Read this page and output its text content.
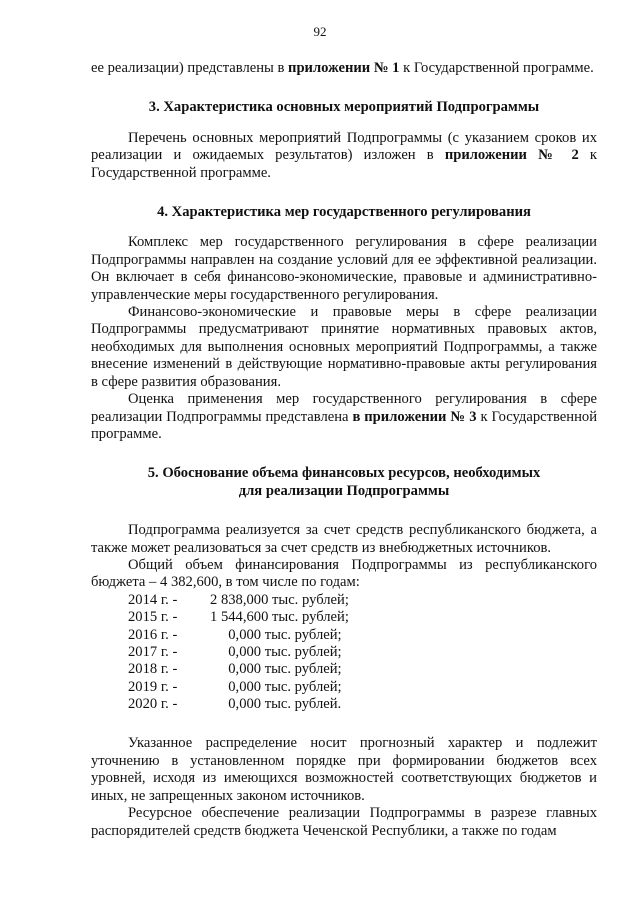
92

ее реализации) представлены в приложении № 1 к Государственной программе.

3. Характеристика основных мероприятий Подпрограммы

Перечень основных мероприятий Подпрограммы (с указанием сроков их реализации и ожидаемых результатов) изложен в приложении № 2 к Государственной программе.

4. Характеристика мер государственного регулирования

Комплекс мер государственного регулирования в сфере реализации Подпрограммы направлен на создание условий для ее эффективной реализации. Он включает в себя финансово-экономические, правовые и административно-управленческие меры государственного регулирования.

Финансово-экономические и правовые меры в сфере реализации Подпрограммы предусматривают принятие нормативных правовых актов, необходимых для выполнения основных мероприятий Подпрограммы, а также внесение изменений в действующие нормативно-правовые акты регулирования в сфере развития образования.

Оценка применения мер государственного регулирования в сфере реализации Подпрограммы представлена в приложении № 3 к Государственной программе.

5. Обоснование объема финансовых ресурсов, необходимых
для реализации Подпрограммы

Подпрограмма реализуется за счет средств республиканского бюджета, а также может реализоваться за счет средств из внебюджетных источников.

Общий объем финансирования Подпрограммы из республиканского бюджета – 4 382,600, в том числе по годам:

2014 г. -	2 838,000 тыс. рублей;
2015 г. -	1 544,600 тыс. рублей;
2016 г. -	0,000 тыс. рублей;
2017 г. -	0,000 тыс. рублей;
2018 г. -	0,000 тыс. рублей;
2019 г. -	0,000 тыс. рублей;
2020 г. -	0,000 тыс. рублей.

Указанное распределение носит прогнозный характер и подлежит уточнению в установленном порядке при формировании бюджетов всех уровней, исходя из имеющихся возможностей соответствующих бюджетов и иных, не запрещенных законом источников.

Ресурсное обеспечение реализации Подпрограммы в разрезе главных распорядителей средств бюджета Чеченской Республики, а также по годам
